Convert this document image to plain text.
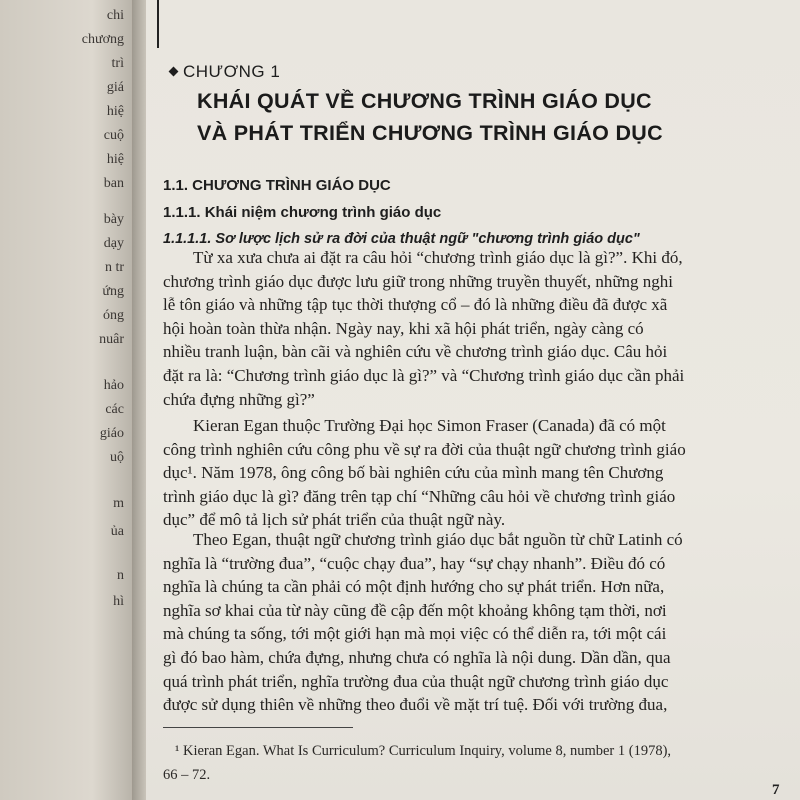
chi
chương
trì
giá
hiệ
cuộ
hiệ
ban
bày
dạy
n tr
ứng
óng
nuâr
hảo
các
giáo
uộ
m
ủa
n
hì
CHƯƠNG 1
KHÁI QUÁT VỀ CHƯƠNG TRÌNH GIÁO DỤC
VÀ PHÁT TRIỂN CHƯƠNG TRÌNH GIÁO DỤC
1.1. CHƯƠNG TRÌNH GIÁO DỤC
1.1.1. Khái niệm chương trình giáo dục
1.1.1.1. Sơ lược lịch sử ra đời của thuật ngữ "chương trình giáo dục"
Từ xa xưa chưa ai đặt ra câu hỏi “chương trình giáo dục là gì?”. Khi đó,
chương trình giáo dục được lưu giữ trong những truyền thuyết, những nghi
lễ tôn giáo và những tập tục thời thượng cổ – đó là những điều đã được xã
hội hoàn toàn thừa nhận. Ngày nay, khi xã hội phát triển, ngày càng có
nhiều tranh luận, bàn cãi và nghiên cứu về chương trình giáo dục. Câu hỏi
đặt ra là: “Chương trình giáo dục là gì?” và “Chương trình giáo dục cần phải
chứa đựng những gì?”
Kieran Egan thuộc Trường Đại học Simon Fraser (Canada) đã có một
công trình nghiên cứu công phu về sự ra đời của thuật ngữ chương trình giáo
dục¹. Năm 1978, ông công bố bài nghiên cứu của mình mang tên Chương
trình giáo dục là gì? đăng trên tạp chí “Những câu hỏi về chương trình giáo
dục” để mô tả lịch sử phát triển của thuật ngữ này.
Theo Egan, thuật ngữ chương trình giáo dục bắt nguồn từ chữ Latinh có
nghĩa là “trường đua”, “cuộc chạy đua”, hay “sự chạy nhanh”. Điều đó có
nghĩa là chúng ta cần phải có một định hướng cho sự phát triển. Hơn nữa,
nghĩa sơ khai của từ này cũng đề cập đến một khoảng không tạm thời, nơi
mà chúng ta sống, tới một giới hạn mà mọi việc có thể diễn ra, tới một cái
gì đó bao hàm, chứa đựng, nhưng chưa có nghĩa là nội dung. Dần dần, qua
quá trình phát triển, nghĩa trường đua của thuật ngữ chương trình giáo dục
được sử dụng thiên về những theo đuổi về mặt trí tuệ. Đối với trường đua,
¹ Kieran Egan. What Is Curriculum? Curriculum Inquiry, volume 8, number 1 (1978),
66 – 72.
7
